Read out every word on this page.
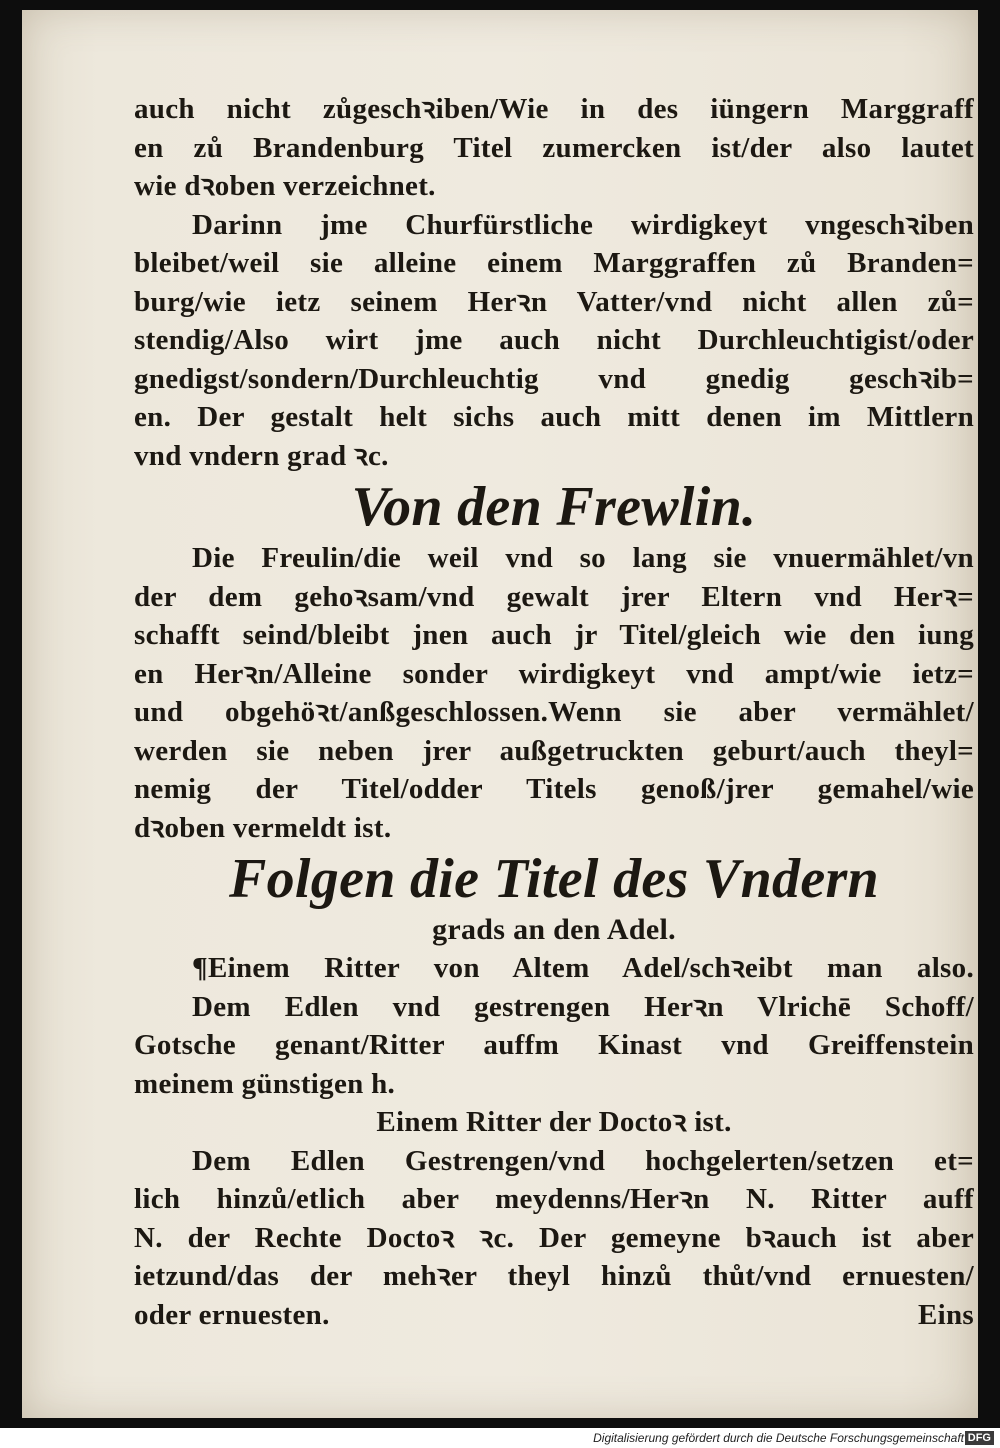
auch nicht zůgeschꝛiben/Wie in des iüngern Marggraff
en zů Brandenburg Titel zumercken ist/der also lautet
wie dꝛoben verzeichnet.
Darinn jme Churfürstliche wirdigkeyt vngeschꝛiben
bleibet/weil sie alleine einem Marggraffen zů Branden=
burg/wie ietz seinem Herꝛn Vatter/vnd nicht allen zů=
stendig/Also wirt jme auch nicht Durchleuchtigist/oder
gnedigst/sondern/Durchleuchtig vnd gnedig geschꝛib=
en. Der gestalt helt sichs auch mitt denen im Mittlern
vnd vndern grad ꝛc.
Von den Frewlin.
Die Freulin/die weil vnd so lang sie vnuermählet/vn
der dem gehoꝛsam/vnd gewalt jrer Eltern vnd Herꝛ=
schafft seind/bleibt jnen auch jr Titel/gleich wie den iung
en Herꝛn/Alleine sonder wirdigkeyt vnd ampt/wie ietz=
und obgehöꝛt/anßgeschlossen.Wenn sie aber vermählet/
werden sie neben jrer außgetruckten geburt/auch theyl=
nemig der Titel/odder Titels genoß/jrer gemahel/wie
dꝛoben vermeldt ist.
Folgen die Titel des Vndern
grads an den Adel.
¶Einem Ritter von Altem Adel/schꝛeibt man also.
Dem Edlen vnd gestrengen Herꝛn Vlrichē Schoff/
Gotsche genant/Ritter auffm Kinast vnd Greiffenstein
meinem günstigen h.
Einem Ritter der Doctoꝛ ist.
Dem Edlen Gestrengen/vnd hochgelerten/setzen et=
lich hinzů/etlich aber meydenns/Herꝛn N. Ritter auff
N. der Rechte Doctoꝛ ꝛc. Der gemeyne bꝛauch ist aber
ietzund/das der mehꝛer theyl hinzů thůt/vnd ernuesten/
oder ernuesten.	Eins
Digitalisierung gefördert durch die Deutsche Forschungsgemeinschaft DFG
